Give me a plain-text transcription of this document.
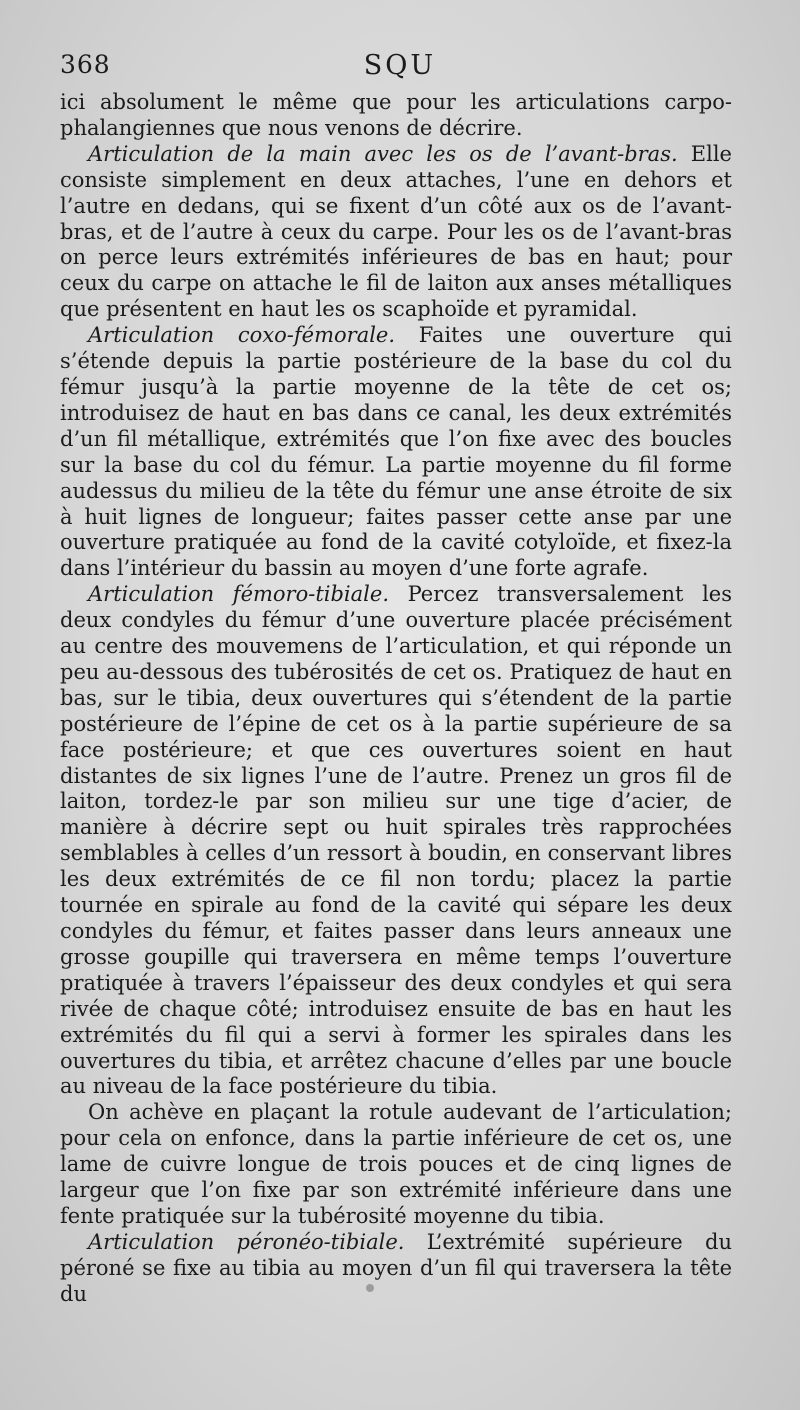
368	SQU

ici absolument le même que pour les articulations carpo-phalangiennes que nous venons de décrire.

Articulation de la main avec les os de l’avant-bras. Elle consiste simplement en deux attaches, l’une en dehors et l’autre en dedans, qui se fixent d’un côté aux os de l’avant-bras, et de l’autre à ceux du carpe. Pour les os de l’avant-bras on perce leurs extrémités inférieures de bas en haut; pour ceux du carpe on attache le fil de laiton aux anses métalliques que présentent en haut les os scaphoïde et pyramidal.

Articulation coxo-fémorale. Faites une ouverture qui s’étende depuis la partie postérieure de la base du col du fémur jusqu’à la partie moyenne de la tête de cet os; introduisez de haut en bas dans ce canal, les deux extrémités d’un fil métallique, extrémités que l’on fixe avec des boucles sur la base du col du fémur. La partie moyenne du fil forme audessus du milieu de la tête du fémur une anse étroite de six à huit lignes de longueur; faites passer cette anse par une ouverture pratiquée au fond de la cavité cotyloïde, et fixez-la dans l’intérieur du bassin au moyen d’une forte agrafe.

Articulation fémoro-tibiale. Percez transversalement les deux condyles du fémur d’une ouverture placée précisément au centre des mouvemens de l’articulation, et qui réponde un peu au-dessous des tubérosités de cet os. Pratiquez de haut en bas, sur le tibia, deux ouvertures qui s’étendent de la partie postérieure de l’épine de cet os à la partie supérieure de sa face postérieure; et que ces ouvertures soient en haut distantes de six lignes l’une de l’autre. Prenez un gros fil de laiton, tordez-le par son milieu sur une tige d’acier, de manière à décrire sept ou huit spirales très rapprochées semblables à celles d’un ressort à boudin, en conservant libres les deux extrémités de ce fil non tordu; placez la partie tournée en spirale au fond de la cavité qui sépare les deux condyles du fémur, et faites passer dans leurs anneaux une grosse goupille qui traversera en même temps l’ouverture pratiquée à travers l’épaisseur des deux condyles et qui sera rivée de chaque côté; introduisez ensuite de bas en haut les extrémités du fil qui a servi à former les spirales dans les ouvertures du tibia, et arrêtez chacune d’elles par une boucle au niveau de la face postérieure du tibia.

On achève en plaçant la rotule audevant de l’articulation; pour cela on enfonce, dans la partie inférieure de cet os, une lame de cuivre longue de trois pouces et de cinq lignes de largeur que l’on fixe par son extrémité inférieure dans une fente pratiquée sur la tubérosité moyenne du tibia.

Articulation péronéo-tibiale. L’extrémité supérieure du péroné se fixe au tibia au moyen d’un fil qui traversera la tête du
